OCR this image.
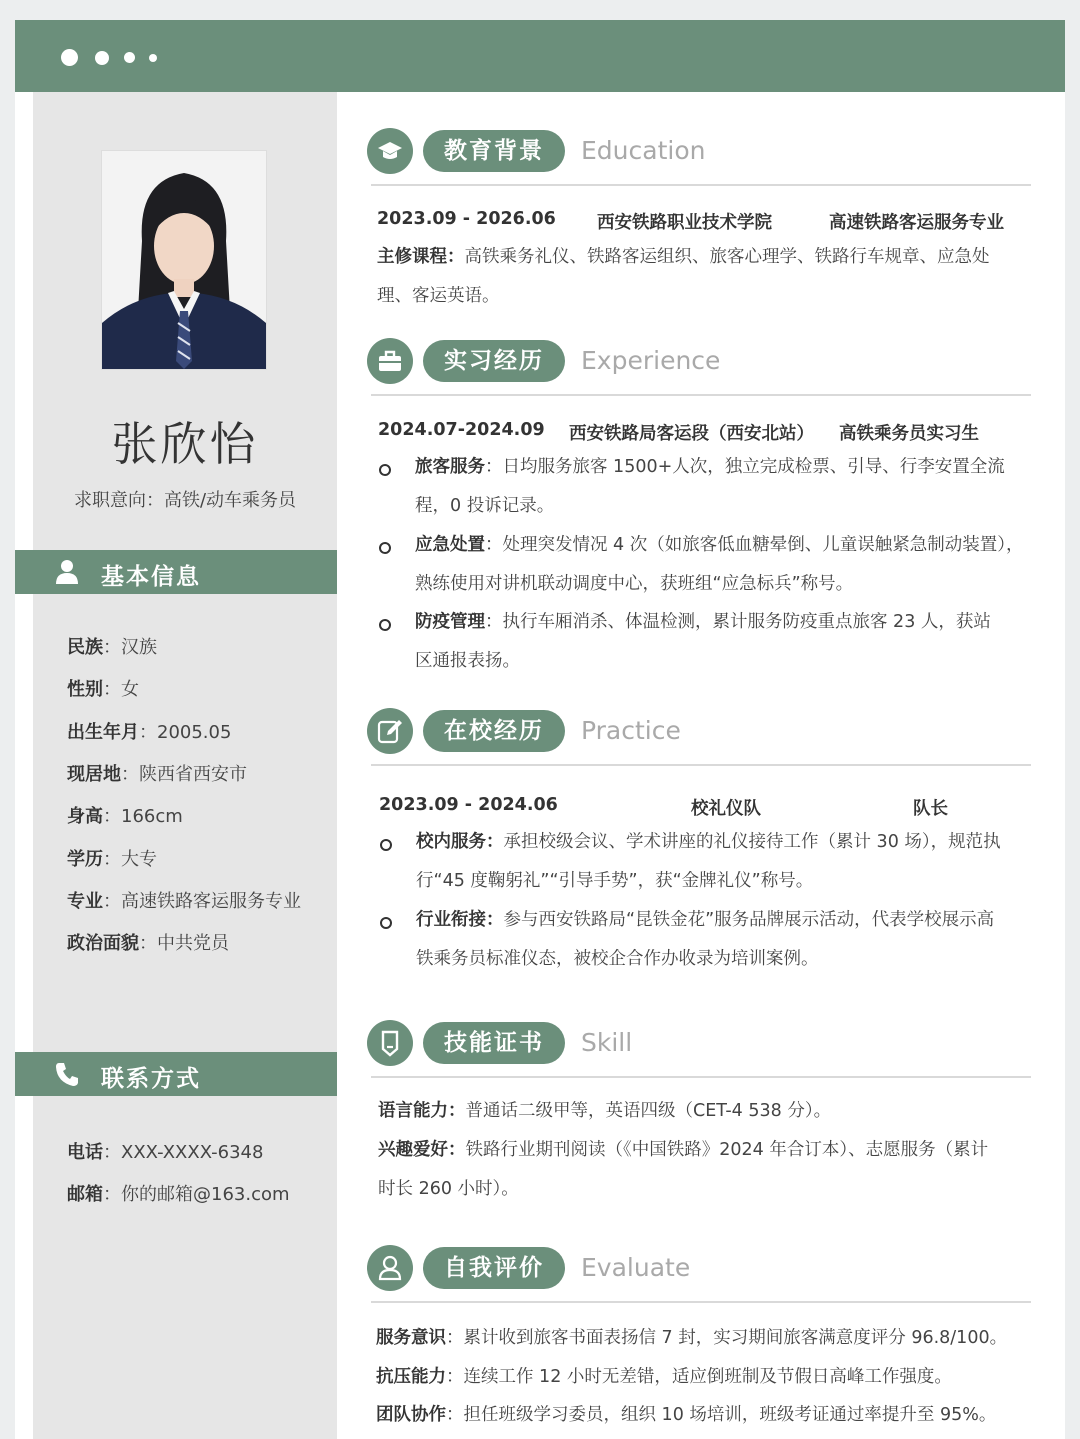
张欣怡
求职意向：高铁/动车乘务员
基本信息
民族：汉族
性别：女
出生年月：2005.05
现居地：陕西省西安市
身高：166cm
学历：大专
专业：高速铁路客运服务专业
政治面貌：中共党员
联系方式
电话：XXX-XXXX-6348
邮箱：你的邮箱@163.com
教育背景	Education
2023.09 - 2026.06 西安铁路职业技术学院	高速铁路客运服务专业
主修课程：高铁乘务礼仪、铁路客运组织、旅客心理学、铁路行车规章、应急处
理、客运英语。
实习经历	Experience
2024.07-2024.09 西安铁路局客运段（西安北站） 高铁乘务员实习生
旅客服务：日均服务旅客 1500+人次，独立完成检票、引导、行李安置全流
程，0 投诉记录。
应急处置：处理突发情况 4 次（如旅客低血糖晕倒、儿童误触紧急制动装置），
熟练使用对讲机联动调度中心，获班组“应急标兵”称号。
防疫管理：执行车厢消杀、体温检测，累计服务防疫重点旅客 23 人，获站
区通报表扬。
在校经历	Practice
2023.09 - 2024.06	校礼仪队	队长
校内服务：承担校级会议、学术讲座的礼仪接待工作（累计 30 场），规范执
行“45 度鞠躬礼”“引导手势”，获“金牌礼仪”称号。
行业衔接：参与西安铁路局“昆铁金花”服务品牌展示活动，代表学校展示高
铁乘务员标准仪态，被校企合作办收录为培训案例。
技能证书	Skill
语言能力：普通话二级甲等，英语四级（CET-4 538 分）。
兴趣爱好：铁路行业期刊阅读（《中国铁路》2024 年合订本）、志愿服务（累计
时长 260 小时）。
自我评价	Evaluate
服务意识：累计收到旅客书面表扬信 7 封，实习期间旅客满意度评分 96.8/100。
抗压能力：连续工作 12 小时无差错，适应倒班制及节假日高峰工作强度。
团队协作：担任班级学习委员，组织 10 场培训，班级考证通过率提升至 95%。
